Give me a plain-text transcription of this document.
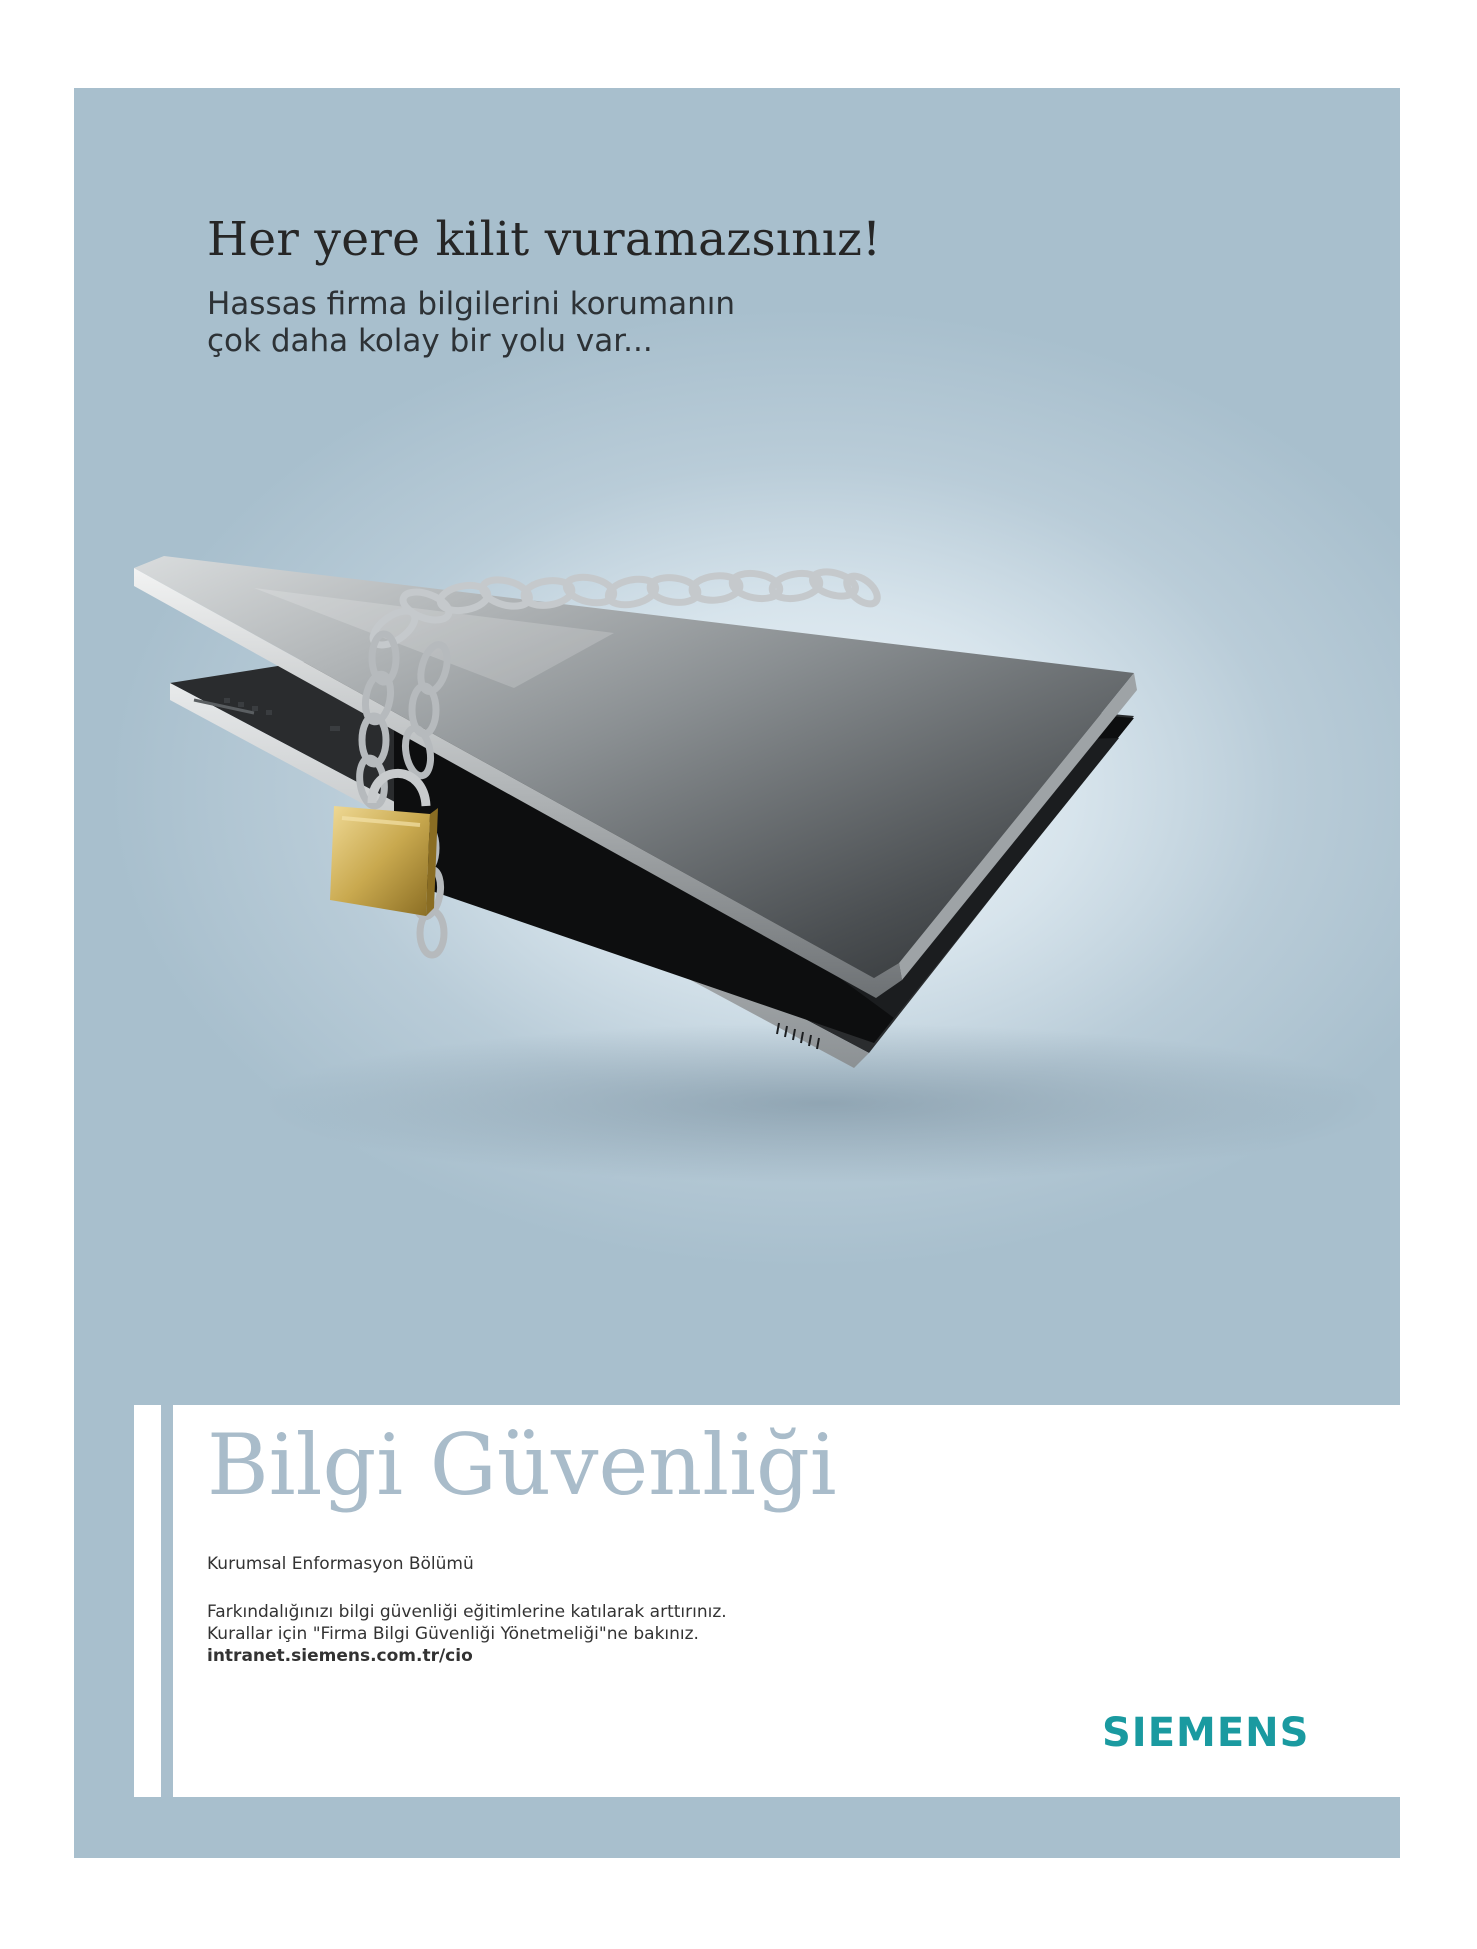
Her yere kilit vuramazsınız!

Hassas firma bilgilerini korumanın
çok daha kolay bir yolu var...

Bilgi Güvenliği

Kurumsal Enformasyon Bölümü

Farkındalığınızı bilgi güvenliği eğitimlerine katılarak arttırınız.
Kurallar için "Firma Bilgi Güvenliği Yönetmeliği"ne bakınız.
intranet.siemens.com.tr/cio

SIEMENS
